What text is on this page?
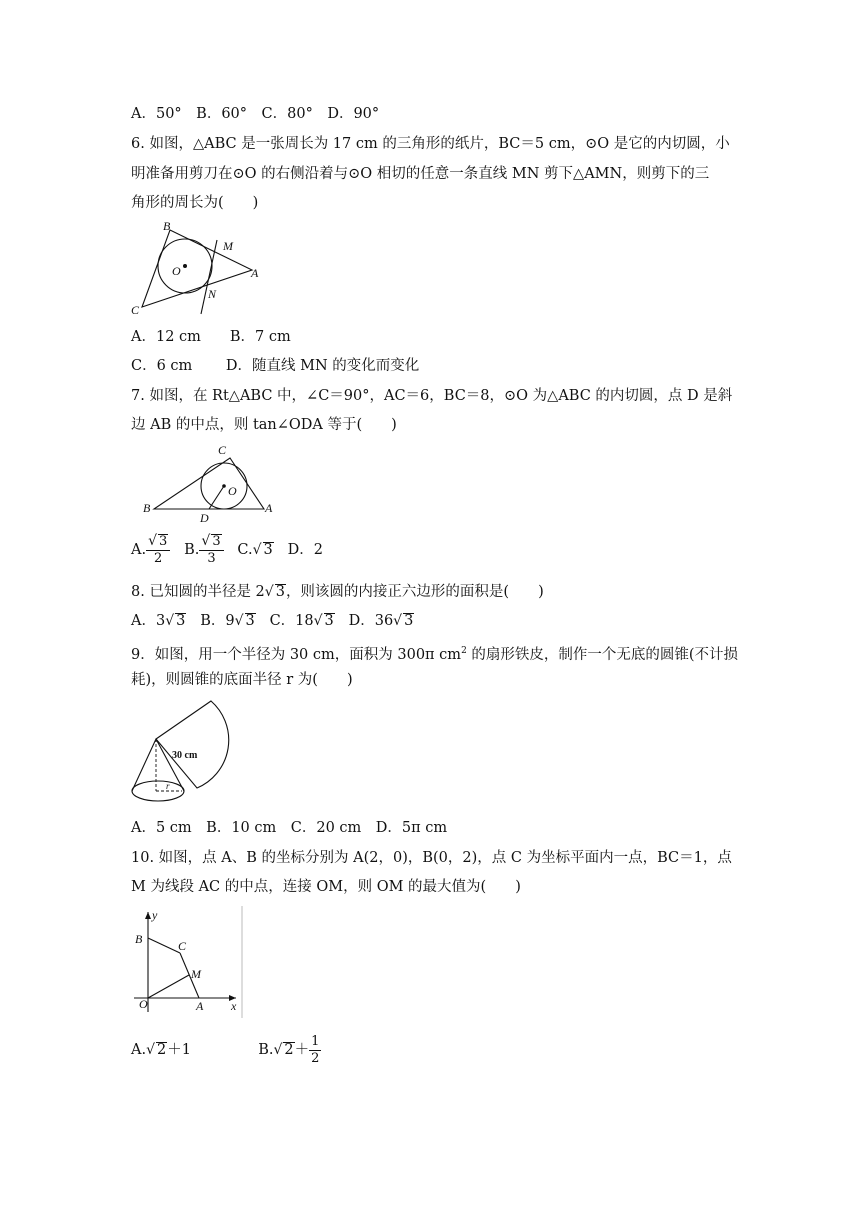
A．50°　B．60°　C．80°　D．90°
6. 如图，△ABC 是一张周长为 17 cm 的三角形的纸片，BC＝5 cm，⊙O 是它的内切圆，小
明准备用剪刀在⊙O 的右侧沿着与⊙O 相切的任意一条直线 MN 剪下△AMN，则剪下的三
角形的周长为(　　)
B
M
O	A
C
N
A．12 cm　　B．7 cm
C．6 cm　　 D．随直线 MN 的变化而变化
7. 如图，在 Rt△ABC 中，∠C＝90°，AC＝6，BC＝8，⊙O 为△ABC 的内切圆，点 D 是斜
边 AB 的中点，则 tan∠ODA 等于(　　)
C
O
B
D
A
A. $\frac{√ 3}{2} B$. $\frac{√ 3}{3} C.√$ 3 D．2
8. 已知圆的半径是 2√ 3，则该圆的内接正六边形的面积是(　　)
A．3√ 3 B．9√ 3 C．18√ 3 D．36√ 3
9．如图，用一个半径为 30 cm，面积为 300π $cm^2$ 的扇形铁皮，制作一个无底的圆锥(不计损
耗)，则圆锥的底面半径 r 为(　　)
30 cm
r
A．5 cm　B．10 cm　C．20 cm　D．5π cm
10. 如图，点 A、B 的坐标分别为 A(2，0)，B(0，2)，点 C 为坐标平面内一点，BC＝1，点
M 为线段 AC 的中点，连接 OM，则 OM 的最大值为(　　)
y
B	C
M
O	A x
A.√ 2＋1	B.√ $2+ \frac{1}{2}$
